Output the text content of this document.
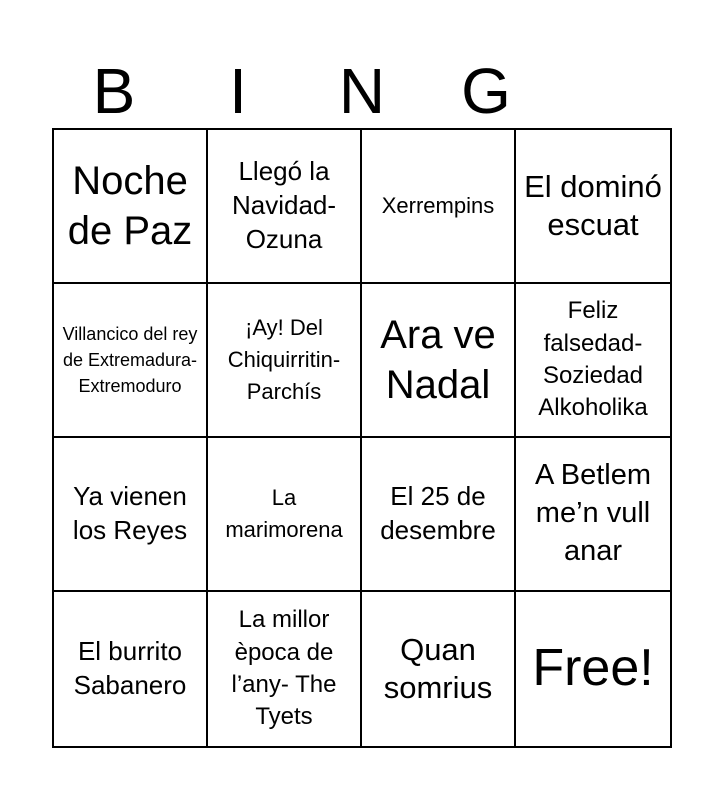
B	I	N	G
Noche de Paz
Llegó la Navidad- Ozuna
Xerrempins
El dominó escuat
Villancico del rey de Extremadura- Extremoduro
¡Ay! Del Chiquirritin- Parchís
Ara ve Nadal
Feliz falsedad- Soziedad Alkoholika
Ya vienen los Reyes
La marimorena
El 25 de desembre
A Betlem me’n vull anar
El burrito Sabanero
La millor època de l’any- The Tyets
Quan somrius Free!
